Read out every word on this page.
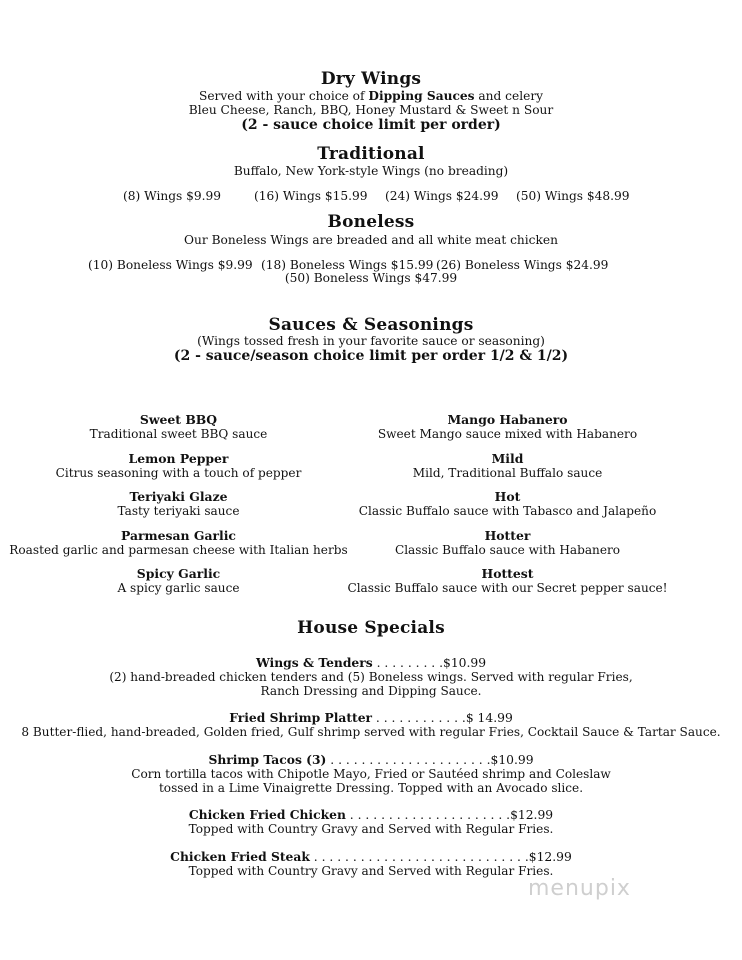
Dry Wings
Served with your choice of Dipping Sauces and celery
Bleu Cheese, Ranch, BBQ, Honey Mustard & Sweet n Sour
(2 - sauce choice limit per order)
Traditional
Buffalo, New York-style Wings (no breading)
(8) Wings $9.99	(16) Wings $15.99 (24) Wings $24.99 (50) Wings $48.99
Boneless
Our Boneless Wings are breaded and all white meat chicken
(10) Boneless Wings $9.99 (18) Boneless Wings $15.99 (26) Boneless Wings $24.99
(50) Boneless Wings $47.99
Sauces & Seasonings
(Wings tossed fresh in your favorite sauce or seasoning)
(2 - sauce/season choice limit per order 1/2 & 1/2)
Sweet BBQ
Traditional sweet BBQ sauce
Lemon Pepper
Citrus seasoning with a touch of pepper
Teriyaki Glaze
Tasty teriyaki sauce
Parmesan Garlic
Roasted garlic and parmesan cheese with Italian herbs
Spicy Garlic
A spicy garlic sauce
Mango Habanero
Sweet Mango sauce mixed with Habanero
Mild
Mild, Traditional Buffalo sauce
Hot
Classic Buffalo sauce with Tabasco and Jalapeño
Hotter
Classic Buffalo sauce with Habanero
Hottest
Classic Buffalo sauce with our Secret pepper sauce!
House Specials
Wings & Tenders . . . . . . . . .$10.99
(2) hand-breaded chicken tenders and (5) Boneless wings. Served with regular Fries,
Ranch Dressing and Dipping Sauce.
Fried Shrimp Platter . . . . . . . . . . . .$ 14.99
8 Butter-flied, hand-breaded, Golden fried, Gulf shrimp served with regular Fries, Cocktail Sauce & Tartar Sauce.
Shrimp Tacos (3) . . . . . . . . . . . . . . . . . . . . .$10.99
Corn tortilla tacos with Chipotle Mayo, Fried or Sautéed shrimp and Coleslaw
tossed in a Lime Vinaigrette Dressing. Topped with an Avocado slice.
Chicken Fried Chicken . . . . . . . . . . . . . . . . . . . . .$12.99
Topped with Country Gravy and Served with Regular Fries.
Chicken Fried Steak . . . . . . . . . . . . . . . . . . . . . . . . . . . .$12.99
Topped with Country Gravy and Served with Regular Fries.
menupix
